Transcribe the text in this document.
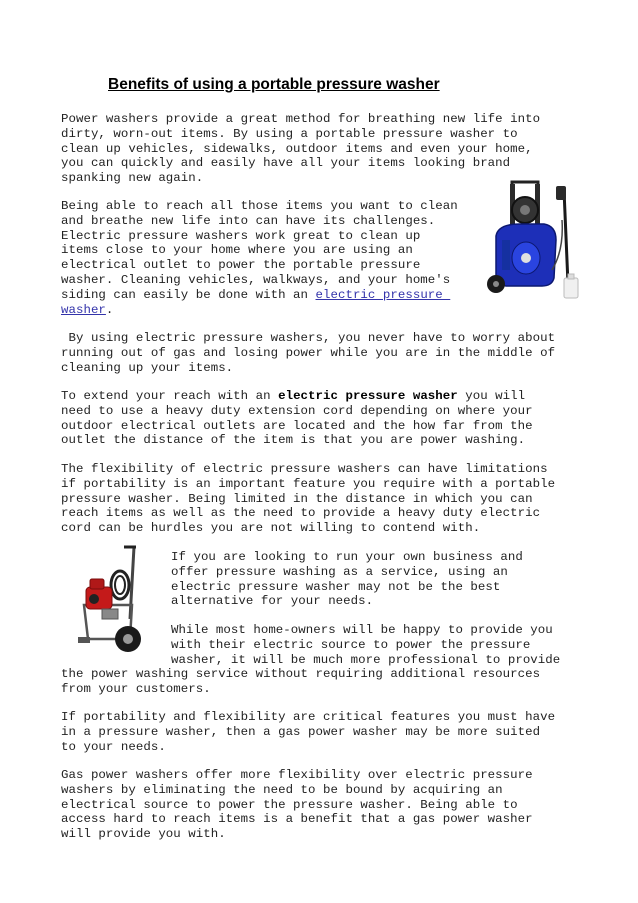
Benefits of using a portable pressure washer
Power washers provide a great method for breathing new life into
dirty, worn-out items. By using a portable pressure washer to
clean up vehicles, sidewalks, outdoor items and even your home,
you can quickly and easily have all your items looking brand
spanking new again.
Being able to reach all those items you want to clean
and breathe new life into can have its challenges.
Electric pressure washers work great to clean up
items close to your home where you are using an
electrical outlet to power the portable pressure
washer. Cleaning vehicles, walkways, and your home's
siding can easily be done with an electric pressure
washer.
By using electric pressure washers, you never have to worry about
running out of gas and losing power while you are in the middle of
cleaning up your items.
To extend your reach with an electric pressure washer you will
need to use a heavy duty extension cord depending on where your
outdoor electrical outlets are located and the how far from the
outlet the distance of the item is that you are power washing.
The flexibility of electric pressure washers can have limitations
if portability is an important feature you require with a portable
pressure washer. Being limited in the distance in which you can
reach items as well as the need to provide a heavy duty electric
cord can be hurdles you are not willing to contend with.
If you are looking to run your own business and
offer pressure washing as a service, using an
electric pressure washer may not be the best
alternative for your needs.
While most home-owners will be happy to provide you
with their electric source to power the pressure
washer, it will be much more professional to provide
the power washing service without requiring additional resources
from your customers.
If portability and flexibility are critical features you must have
in a pressure washer, then a gas power washer may be more suited
to your needs.
Gas power washers offer more flexibility over electric pressure
washers by eliminating the need to be bound by acquiring an
electrical source to power the pressure washer. Being able to
access hard to reach items is a benefit that a gas power washer
will provide you with.
